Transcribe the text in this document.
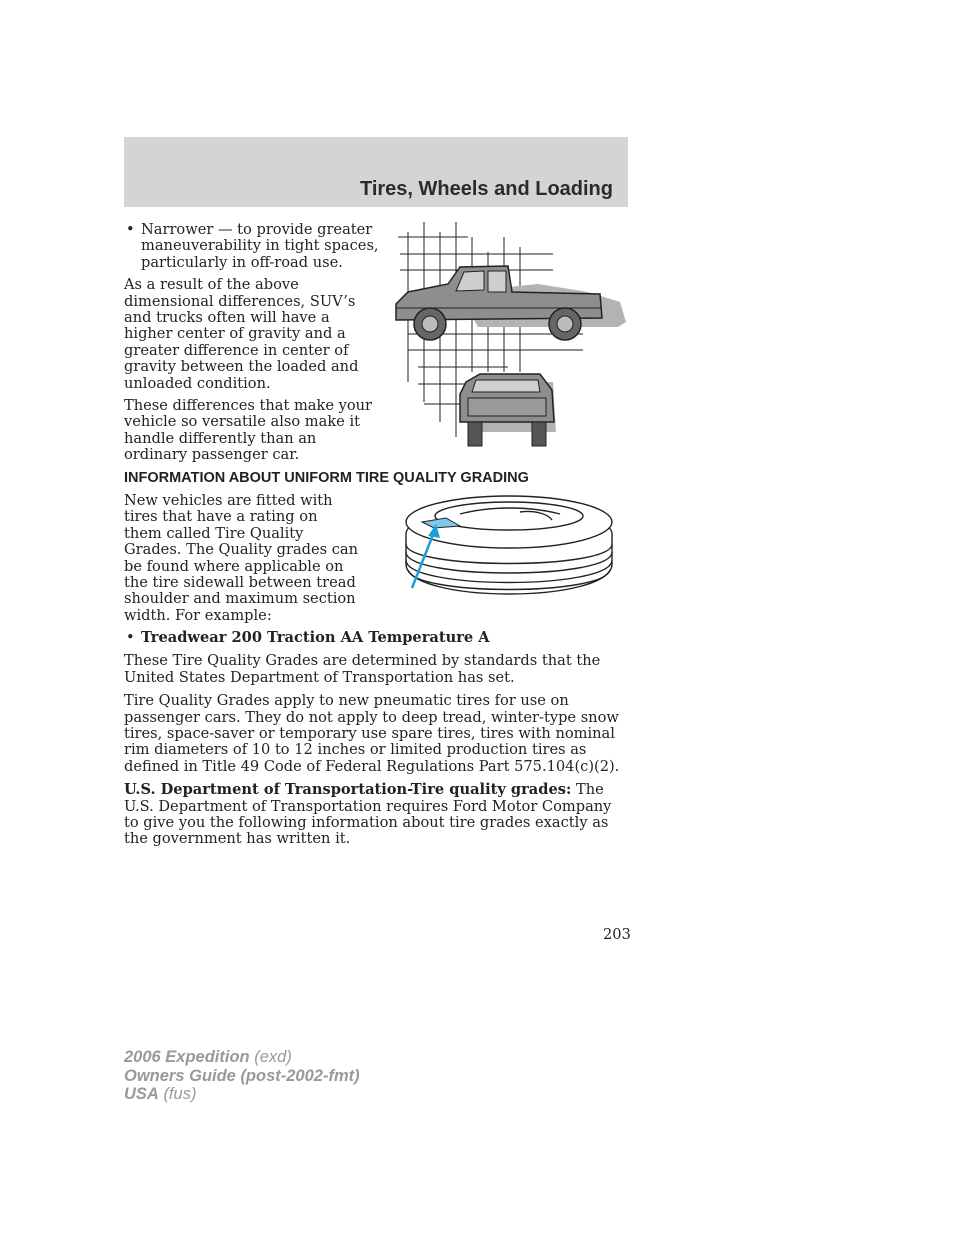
Tires, Wheels and Loading
• Narrower — to provide greater maneuverability in tight spaces, particularly in off-road use.

As a result of the above dimensional differences, SUV’s and trucks often will have a higher center of gravity and a greater difference in center of gravity between the loaded and unloaded condition.

These differences that make your vehicle so versatile also make it handle differently than an ordinary passenger car.

INFORMATION ABOUT UNIFORM TIRE QUALITY GRADING

New vehicles are fitted with tires that have a rating on them called Tire Quality Grades. The Quality grades can be found where applicable on the tire sidewall between tread shoulder and maximum section width. For example:

• Treadwear 200 Traction AA Temperature A

These Tire Quality Grades are determined by standards that the United States Department of Transportation has set.

Tire Quality Grades apply to new pneumatic tires for use on passenger cars. They do not apply to deep tread, winter-type snow tires, space-saver or temporary use spare tires, tires with nominal rim diameters of 10 to 12 inches or limited production tires as defined in Title 49 Code of Federal Regulations Part 575.104(c)(2).

U.S. Department of Transportation-Tire quality grades: The U.S. Department of Transportation requires Ford Motor Company to give you the following information about tire grades exactly as the government has written it.

203
2006 Expedition (exd)
Owners Guide (post-2002-fmt)
USA (fus)
